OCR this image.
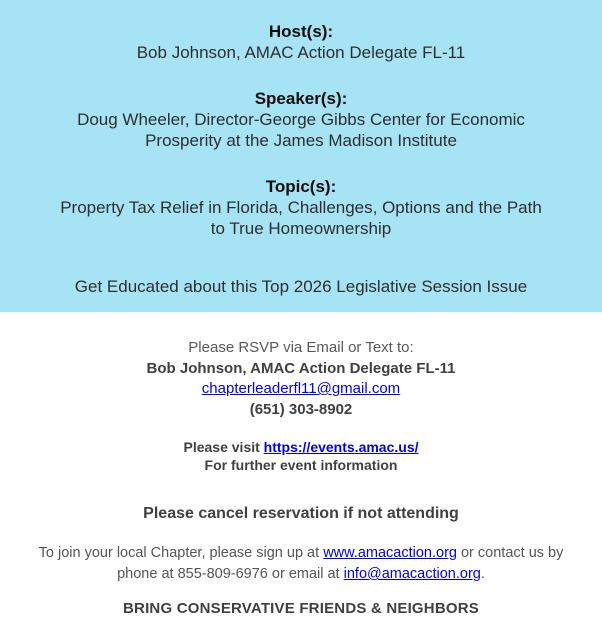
Host(s):

Bob Johnson, AMAC Action Delegate FL-11

Speaker(s):

Doug Wheeler, Director-George Gibbs Center for Economic Prosperity at the James Madison Institute

Topic(s):

Property Tax Relief in Florida, Challenges, Options and the Path to True Homeownership

Get Educated about this Top 2026 Legislative Session Issue

Please RSVP via Email or Text to:

Bob Johnson, AMAC Action Delegate FL-11

chapterleaderfl11@gmail.com

(651) 303-8902

Please visit https://events.amac.us/
For further event information

Please cancel reservation if not attending

To join your local Chapter, please sign up at www.amacaction.org or contact us by phone at 855-809-6976 or email at info@amacaction.org.

BRING CONSERVATIVE FRIENDS & NEIGHBORS
